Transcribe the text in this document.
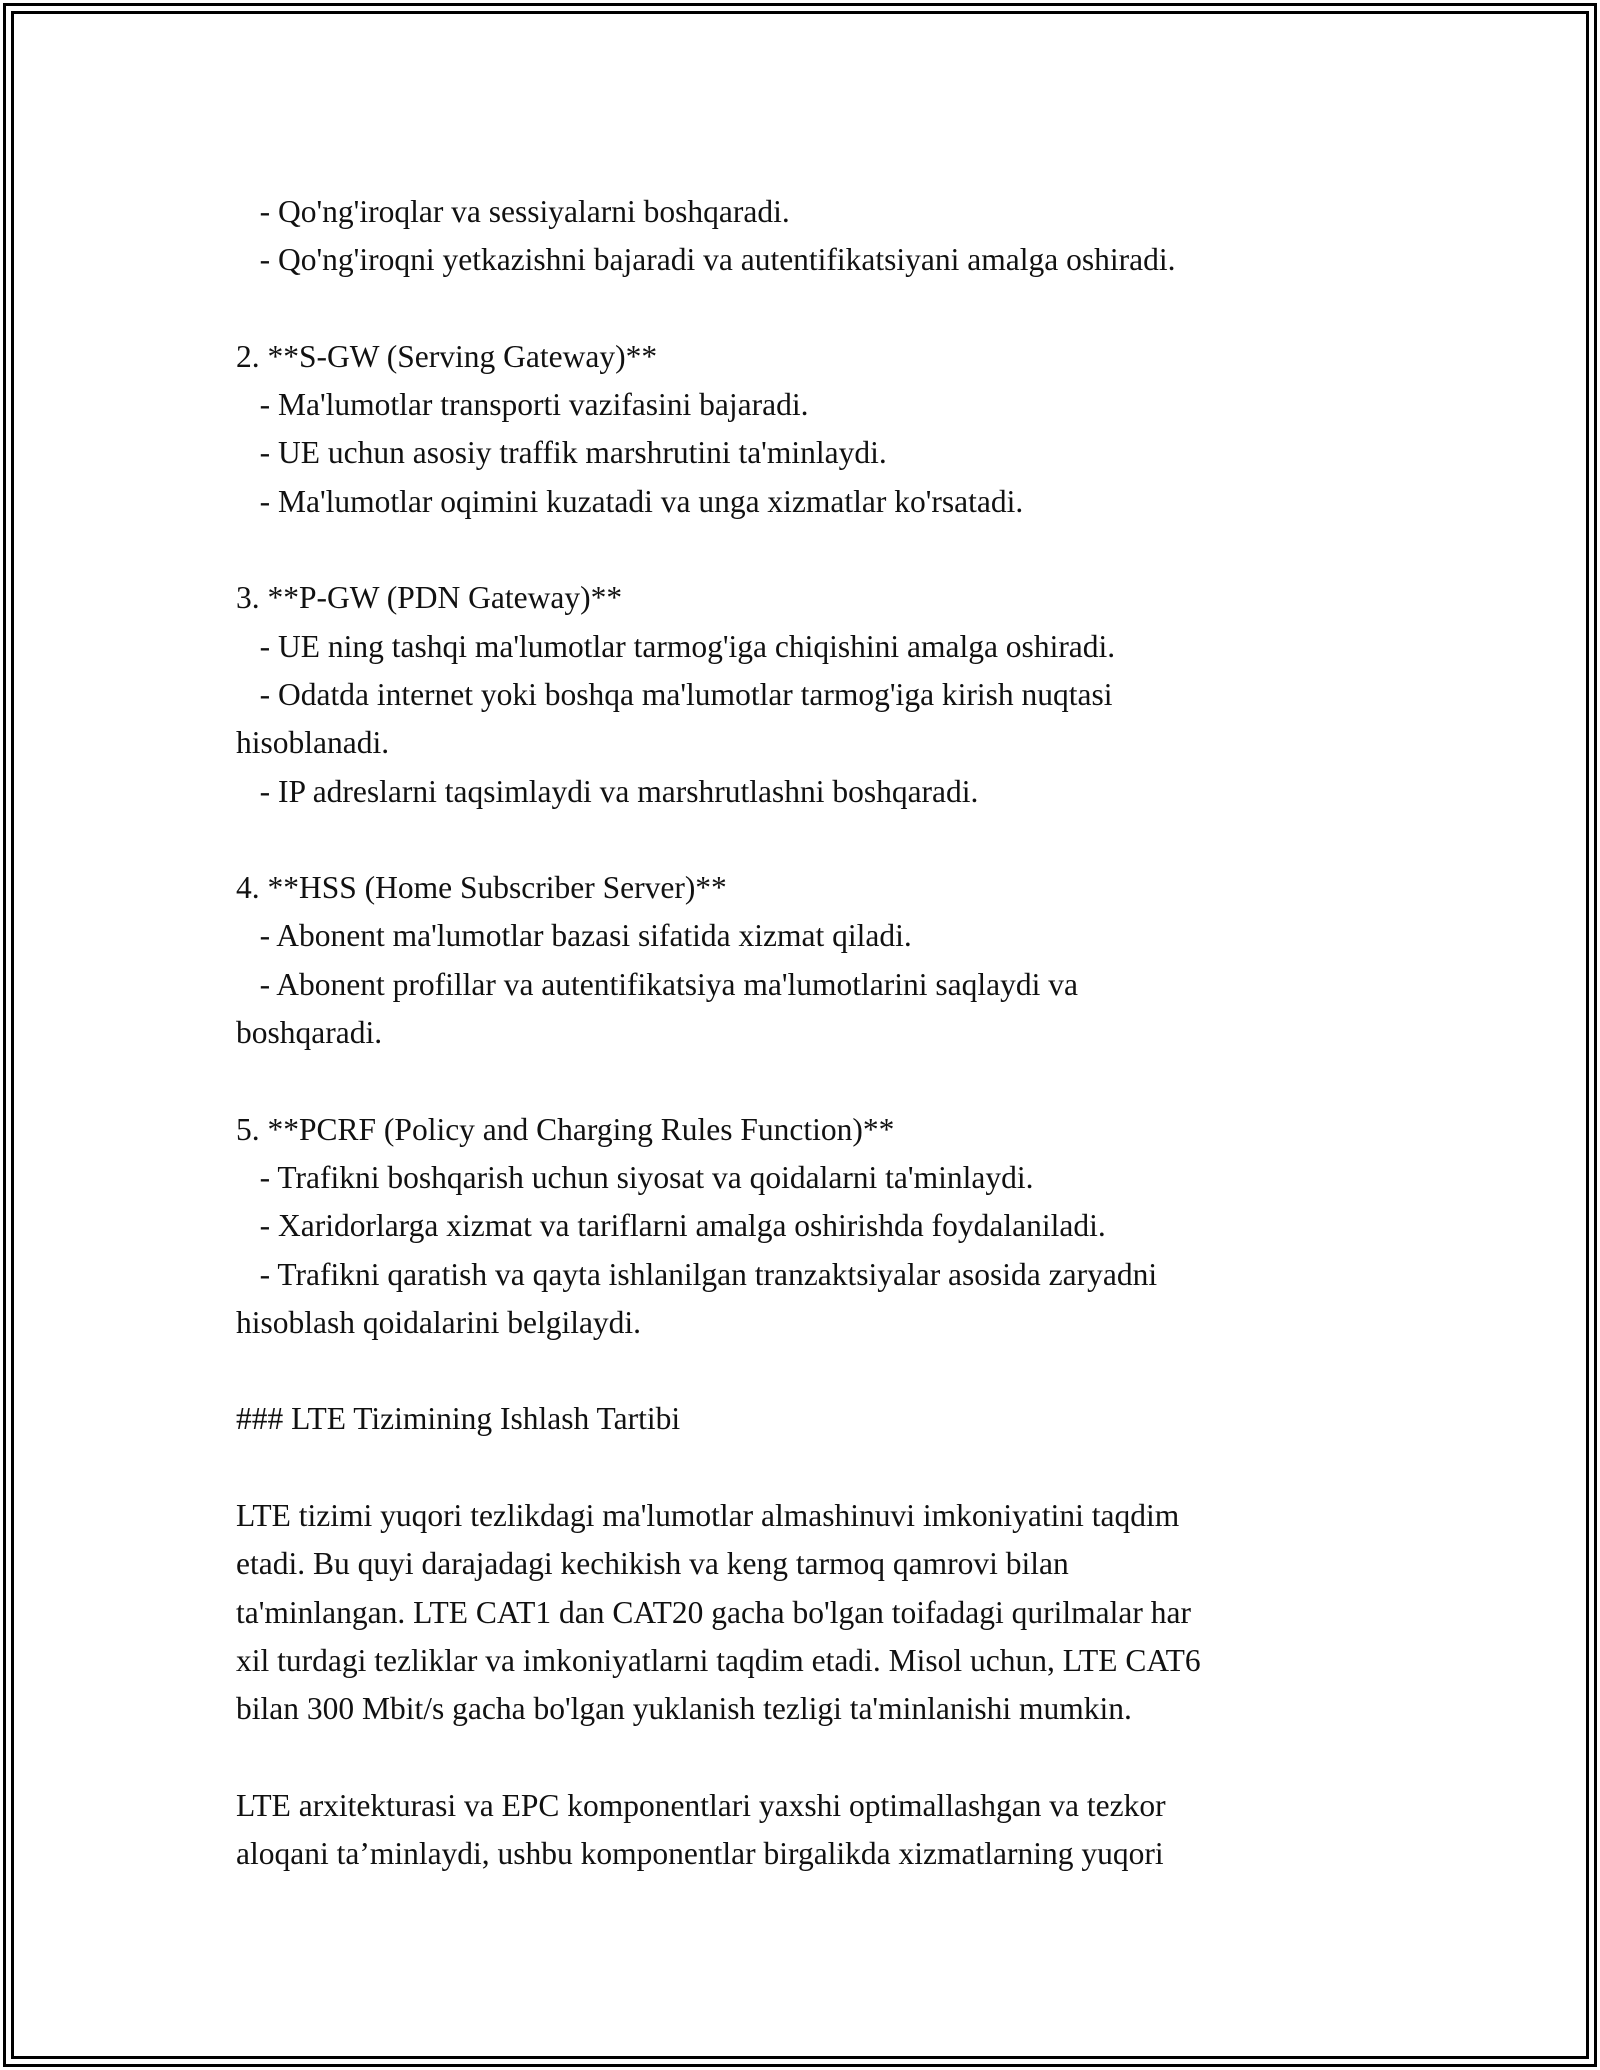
- Qo'ng'iroqlar va sessiyalarni boshqaradi.
- Qo'ng'iroqni yetkazishni bajaradi va autentifikatsiyani amalga oshiradi.
2. **S-GW (Serving Gateway)**
- Ma'lumotlar transporti vazifasini bajaradi.
- UE uchun asosiy traffik marshrutini ta'minlaydi.
- Ma'lumotlar oqimini kuzatadi va unga xizmatlar ko'rsatadi.
3. **P-GW (PDN Gateway)**
- UE ning tashqi ma'lumotlar tarmog'iga chiqishini amalga oshiradi.
- Odatda internet yoki boshqa ma'lumotlar tarmog'iga kirish nuqtasi
hisoblanadi.
- IP adreslarni taqsimlaydi va marshrutlashni boshqaradi.
4. **HSS (Home Subscriber Server)**
- Abonent ma'lumotlar bazasi sifatida xizmat qiladi.
- Abonent profillar va autentifikatsiya ma'lumotlarini saqlaydi va
boshqaradi.
5. **PCRF (Policy and Charging Rules Function)**
- Trafikni boshqarish uchun siyosat va qoidalarni ta'minlaydi.
- Xaridorlarga xizmat va tariflarni amalga oshirishda foydalaniladi.
- Trafikni qaratish va qayta ishlanilgan tranzaktsiyalar asosida zaryadni
hisoblash qoidalarini belgilaydi.
### LTE Tizimining Ishlash Tartibi
LTE tizimi yuqori tezlikdagi ma'lumotlar almashinuvi imkoniyatini taqdim
etadi. Bu quyi darajadagi kechikish va keng tarmoq qamrovi bilan
ta'minlangan. LTE CAT1 dan CAT20 gacha bo'lgan toifadagi qurilmalar har
xil turdagi tezliklar va imkoniyatlarni taqdim etadi. Misol uchun, LTE CAT6
bilan 300 Mbit/s gacha bo'lgan yuklanish tezligi ta'minlanishi mumkin.
LTE arxitekturasi va EPC komponentlari yaxshi optimallashgan va tezkor
aloqani ta’minlaydi, ushbu komponentlar birgalikda xizmatlarning yuqori
